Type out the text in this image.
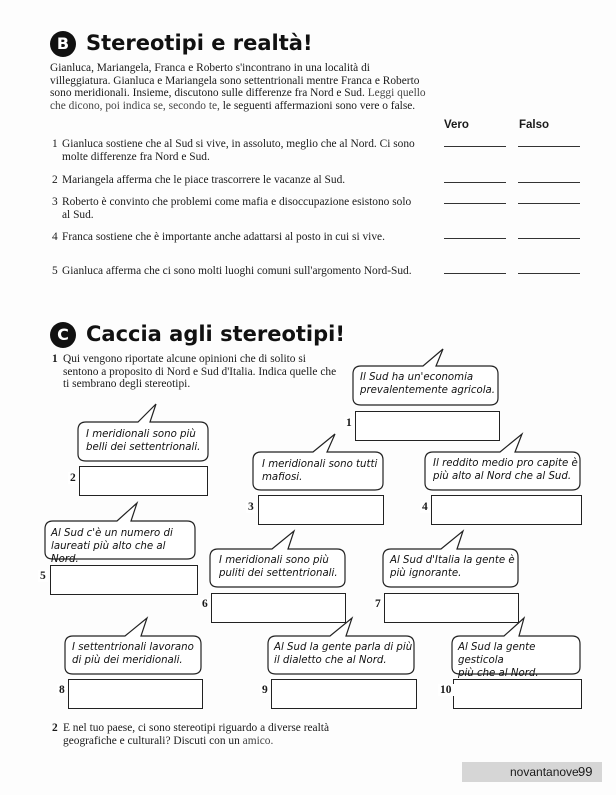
B Stereotipi e realtà!
Gianluca, Mariangela, Franca e Roberto s'incontrano in una località di villeggiatura. Gianluca e Mariangela sono settentrionali mentre Franca e Roberto sono meridionali. Insieme, discutono sulle differenze fra Nord e Sud. Leggi quello che dicono, poi indica se, secondo te, le seguenti affermazioni sono vere o false.
Vero	Falso
1 Gianluca sostiene che al Sud si vive, in assoluto, meglio che al Nord. Ci sono molte differenze fra Nord e Sud.
2 Mariangela afferma che le piace trascorrere le vacanze al Sud.
3 Roberto è convinto che problemi come mafia e disoccupazione esistono solo al Sud.
4 Franca sostiene che è importante anche adattarsi al posto in cui si vive.
5 Gianluca afferma che ci sono molti luoghi comuni sull'argomento Nord-Sud.
C Caccia agli stereotipi!
1 Qui vengono riportate alcune opinioni che di solito si sentono a proposito di Nord e Sud d'Italia. Indica quelle che ti sembrano degli stereotipi.
Il Sud ha un'economia
prevalentemente agricola.
1
I meridionali sono più
belli dei settentrionali.
2
I meridionali sono tutti
mafiosi.
3
Il reddito medio pro capite è
più alto al Nord che al Sud.
4
Al Sud c'è un numero di
laureati più alto che al Nord.
5
I meridionali sono più
puliti dei settentrionali.
6
Al Sud d'Italia la gente è
più ignorante.
7
I settentrionali lavorano
di più dei meridionali.
8
Al Sud la gente parla di più
il dialetto che al Nord.
9
Al Sud la gente gesticola
più che al Nord.
10
2 E nel tuo paese, ci sono stereotipi riguardo a diverse realtà geografiche e culturali? Discuti con un amico.
novantanove 99
